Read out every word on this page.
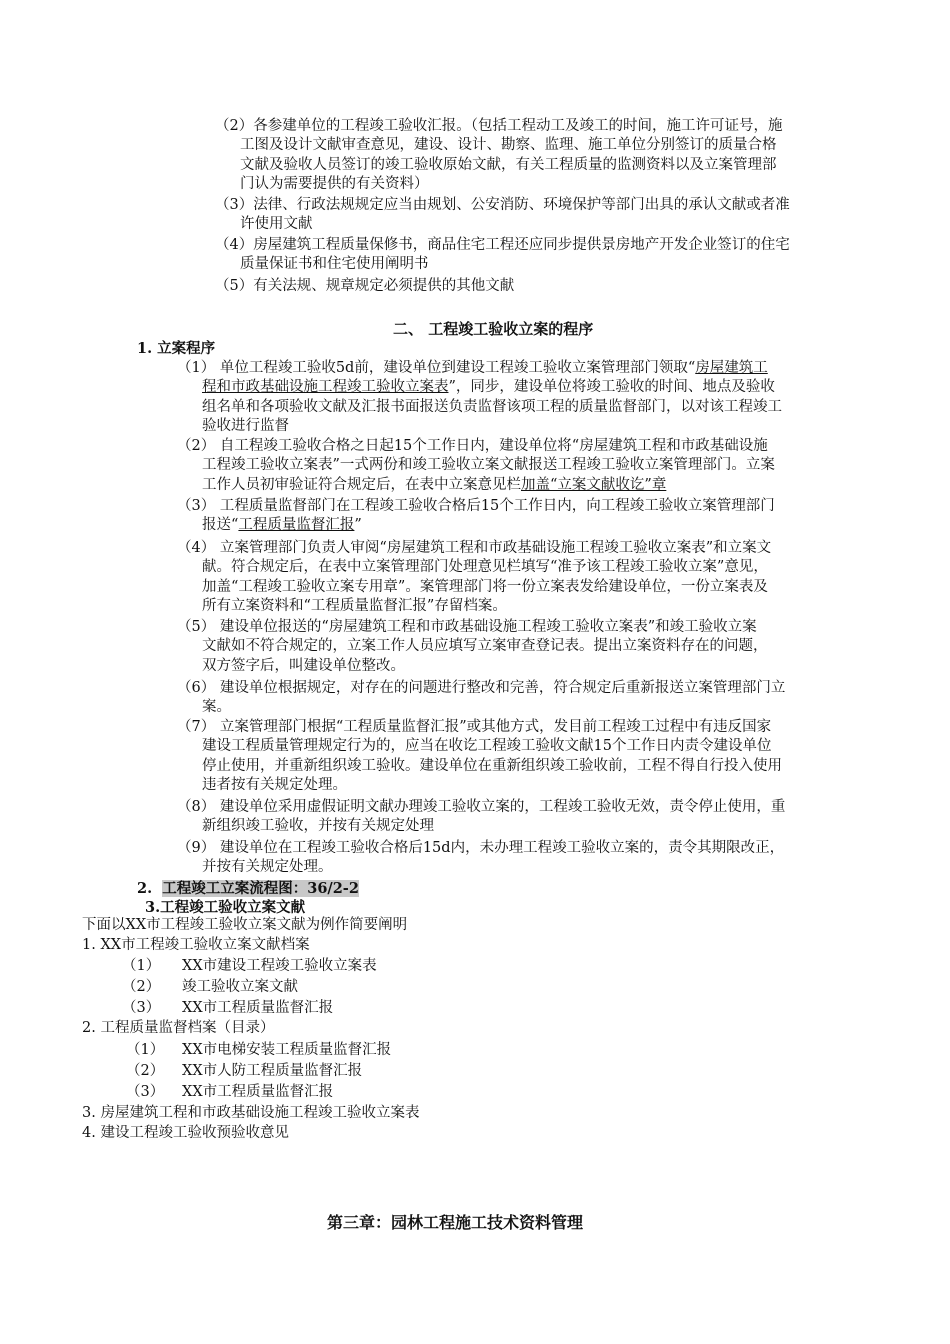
（2）各参建单位的工程竣工验收汇报。（包括工程动工及竣工的时间，施工许可证号，施
工图及设计文献审查意见，建设、设计、勘察、监理、施工单位分别签订的质量合格
文献及验收人员签订的竣工验收原始文献，有关工程质量的监测资料以及立案管理部
门认为需要提供的有关资料）
（3）法律、行政法规规定应当由规划、公安消防、环境保护等部门出具的承认文献或者准
许使用文献
（4）房屋建筑工程质量保修书，商品住宅工程还应同步提供景房地产开发企业签订的住宅
质量保证书和住宅使用阐明书
（5）有关法规、规章规定必须提供的其他文献
二、 工程竣工验收立案的程序
1. 立案程序
（1） 单位工程竣工验收5d前，建设单位到建设工程竣工验收立案管理部门领取“房屋建筑工
程和市政基础设施工程竣工验收立案表”，同步，建设单位将竣工验收的时间、地点及验收
组名单和各项验收文献及汇报书面报送负责监督该项工程的质量监督部门，以对该工程竣工
验收进行监督
（2） 自工程竣工验收合格之日起15个工作日内，建设单位将“房屋建筑工程和市政基础设施
工程竣工验收立案表”一式两份和竣工验收立案文献报送工程竣工验收立案管理部门。立案
工作人员初审验证符合规定后，在表中立案意见栏加盖“立案文献收讫”章
（3） 工程质量监督部门在工程竣工验收合格后15个工作日内，向工程竣工验收立案管理部门
报送“工程质量监督汇报”
（4） 立案管理部门负责人审阅“房屋建筑工程和市政基础设施工程竣工验收立案表”和立案文
献。符合规定后，在表中立案管理部门处理意见栏填写“准予该工程竣工验收立案”意见，
加盖“工程竣工验收立案专用章”。案管理部门将一份立案表发给建设单位，一份立案表及
所有立案资料和“工程质量监督汇报”存留档案。
（5） 建设单位报送的“房屋建筑工程和市政基础设施工程竣工验收立案表”和竣工验收立案
文献如不符合规定的，立案工作人员应填写立案审查登记表。提出立案资料存在的问题，
双方签字后，叫建设单位整改。
（6） 建设单位根据规定，对存在的问题进行整改和完善，符合规定后重新报送立案管理部门立
案。
（7） 立案管理部门根据“工程质量监督汇报”或其他方式，发目前工程竣工过程中有违反国家
建设工程质量管理规定行为的，应当在收讫工程竣工验收文献15个工作日内责令建设单位
停止使用，并重新组织竣工验收。建设单位在重新组织竣工验收前，工程不得自行投入使用
违者按有关规定处理。
（8） 建设单位采用虚假证明文献办理竣工验收立案的，工程竣工验收无效，责令停止使用，重
新组织竣工验收，并按有关规定处理
（9） 建设单位在工程竣工验收合格后15d内，未办理工程竣工验收立案的，责令其期限改正，
并按有关规定处理。
2. 工程竣工立案流程图：36/2-2
3.工程竣工验收立案文献
下面以XX市工程竣工验收立案文献为例作简要阐明
1. XX市工程竣工验收立案文献档案
（1） XX市建设工程竣工验收立案表
（2） 竣工验收立案文献
（3） XX市工程质量监督汇报
2. 工程质量监督档案（目录）
（1） XX市电梯安装工程质量监督汇报
（2） XX市人防工程质量监督汇报
（3） XX市工程质量监督汇报
3. 房屋建筑工程和市政基础设施工程竣工验收立案表
4. 建设工程竣工验收预验收意见
第三章：园林工程施工技术资料管理
